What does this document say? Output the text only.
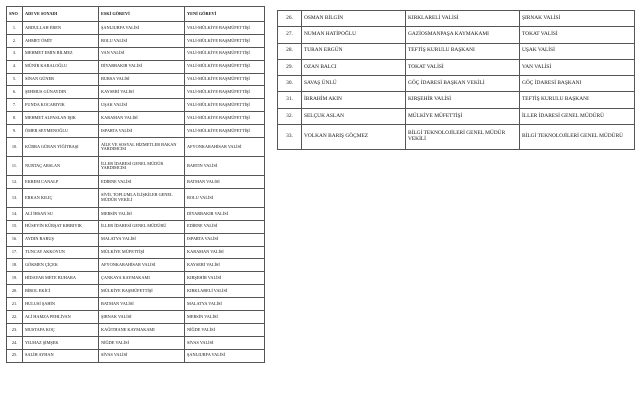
SNO	ADI VE SOYADI	ESKİ GÖREVİ	YENİ GÖREVİ
1.	ABDULLAH EREN	ŞANLIURFA VALİSİ	VALİ-MÜLKİYE BAŞMÜFETTİŞİ
2.	AHMET ÖMİT	BOLU VALİSİ	VALİ-MÜLKİYE BAŞMÜFETTİŞİ
3.	MEHMET EMİN BİLMEZ	VAN VALİSİ	VALİ-MÜLKİYE BAŞMÜFETTİŞİ
4.	MÜNİR KARALOĞLU	DİYARBAKIR VALİSİ	VALİ-MÜLKİYE BAŞMÜFETTİŞİ
5.	SİNAN GÜNER	BURSA VALİSİ	VALİ-MÜLKİYE BAŞMÜFETTİŞİ
6.	ŞEHMUS GÜNAYDIN	KAYSERİ VALİSİ	VALİ-MÜLKİYE BAŞMÜFETTİŞİ
7.	FUNDA KOCABIYIK	UŞAK VALİSİ	VALİ-MÜLKİYE BAŞMÜFETTİŞİ
8.	MEHMET ALPASLAN IŞIK	KARAMAN VALİSİ	VALİ-MÜLKİYE BAŞMÜFETTİŞİ
9.	ÖMER SEYMENOĞLU	ISPARTA VALİSİ	VALİ-MÜLKİYE BAŞMÜFETTİŞİ
10.	KÜBRA GÜRAN YİĞİTBAŞI	AİLE VE SOSYAL HİZMETLER BAKAN YARDIMCISI	AFYONKARAHİSAR VALİSİ
11.	NURTAÇ ARSLAN	İLLER İDARESİ GENEL MÜDÜR YARDIMCISI	BARTIN VALİSİ
12.	EKREM CANALP	EDİRNE VALİSİ	BATMAN VALİSİ
13.	ERKAN KILIÇ	SİVİL TOPLUMLA İLİŞKİLER GENEL MÜDÜR VEKİLİ	BOLU VALİSİ
14.	ALİ İHSAN SU	MERSİN VALİSİ	DİYARBAKIR VALİSİ
15.	HÜSEYİN KÜRŞAT KIRBIYIK	İLLER İDARESİ GENEL MÜDÜRÜ	EDİRNE VALİSİ
16.	AYDIN BARUŞ	MALATYA VALİSİ	ISPARTA VALİSİ
17.	TUNCAY AKKOYUN	MÜLKİYE MÜFETTİŞİ	KARAMAN VALİSİ
18.	GÖKMEN ÇİÇEK	AFYONKARAHİSAR VALİSİ	KAYSERİ VALİSİ
19.	HİDAYAR METE BUHARA	ÇANKAYA KAYMAKAMI	KIRŞEHİR VALİSİ
20.	BİROL EKİCİ	MÜLKİYE BAŞMÜFETTİŞİ	KIRKLARELİ VALİSİ
21.	HULUSİ ŞAHİN	BATMAN VALİSİ	MALATYA VALİSİ
22.	ALİ HAMZA PEHLİVAN	ŞIRNAK VALİSİ	MERSİN VALİSİ
23.	MUSTAFA KOÇ	KAĞITHANE KAYMAKAMI	NİĞDE VALİSİ
24.	YILMAZ ŞİMŞEK	NİĞDE VALİSİ	SİVAS VALİSİ
25.	SALİH AYHAN	SİVAS VALİSİ	ŞANLIURFA VALİSİ
26.	OSMAN BİLGİN	KIRKLARELİ VALİSİ	ŞIRNAK VALİSİ
27.	NUMAN HATİPOĞLU	GAZİOSMANPAŞA KAYMAKAMI	TOKAT VALİSİ
28.	TURAN ERGÜN	TEFTİŞ KURULU BAŞKANI	UŞAK VALİSİ
29.	OZAN BALCI	TOKAT VALİSİ	VAN VALİSİ
30.	SAVAŞ ÜNLÜ	GÖÇ İDARESİ BAŞKAN VEKİLİ	GÖÇ İDARESİ BAŞKANI
31.	İBRAHİM AKIN	KIRŞEHİR VALİSİ	TEFTİŞ KURULU BAŞKANI
32.	SELÇUK ASLAN	MÜLKİYE MÜFETTİŞİ	İLLER İDARESİ GENEL MÜDÜRÜ
33.	VOLKAN BARIŞ GÖÇMEZ	BİLGİ TEKNOLOJİLERİ GENEL MÜDÜR VEKİLİ	BİLGİ TEKNOLOJİLERİ GENEL MÜDÜRÜ
